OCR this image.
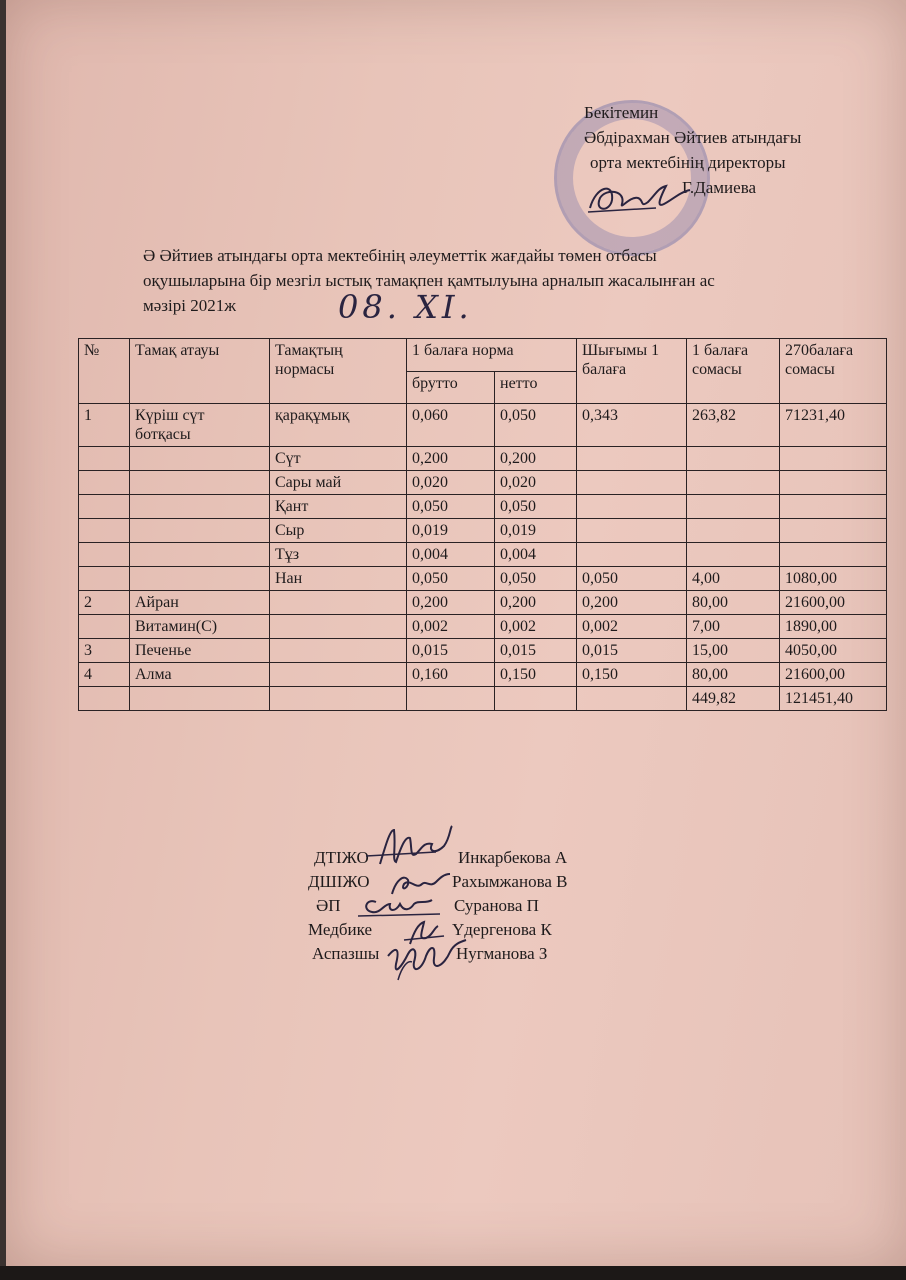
Бекітемин
Әбдірахман Әйтиев атындағы
орта мектебінің директоры
Г.Дамиева
Ә Әйтиев атындағы орта мектебінің әлеуметтік жағдайы төмен отбасы
оқушыларына бір мезгіл ыстық тамақпен қамтылуына арналып жасалынған ас
мәзірі 2021ж	08. XI.
№	Тамақ атауы	Тамақтың нормасы	1 балаға норма		Шығымы 1 балаға	1 балаға сомасы	270балаға сомасы
			брутто	нетто			
1	Күріш сүт ботқасы	қарақұмық	0,060	0,050	0,343	263,82	71231,40
		Сүт	0,200	0,200			
		Сары май	0,020	0,020			
		Қант	0,050	0,050			
		Сыр	0,019	0,019			
		Тұз	0,004	0,004			
		Нан	0,050	0,050	0,050	4,00	1080,00
2	Айран		0,200	0,200	0,200	80,00	21600,00
	Витамин(С)		0,002	0,002	0,002	7,00	1890,00
3	Печенье		0,015	0,015	0,015	15,00	4050,00
4	Алма		0,160	0,150	0,150	80,00	21600,00
						449,82	121451,40
ДТІЖО	Инкарбекова А
ДШІЖО	Рахымжанова В
ӘП	Суранова П
Медбике	Үдергенова К
Аспазшы	Нугманова З
